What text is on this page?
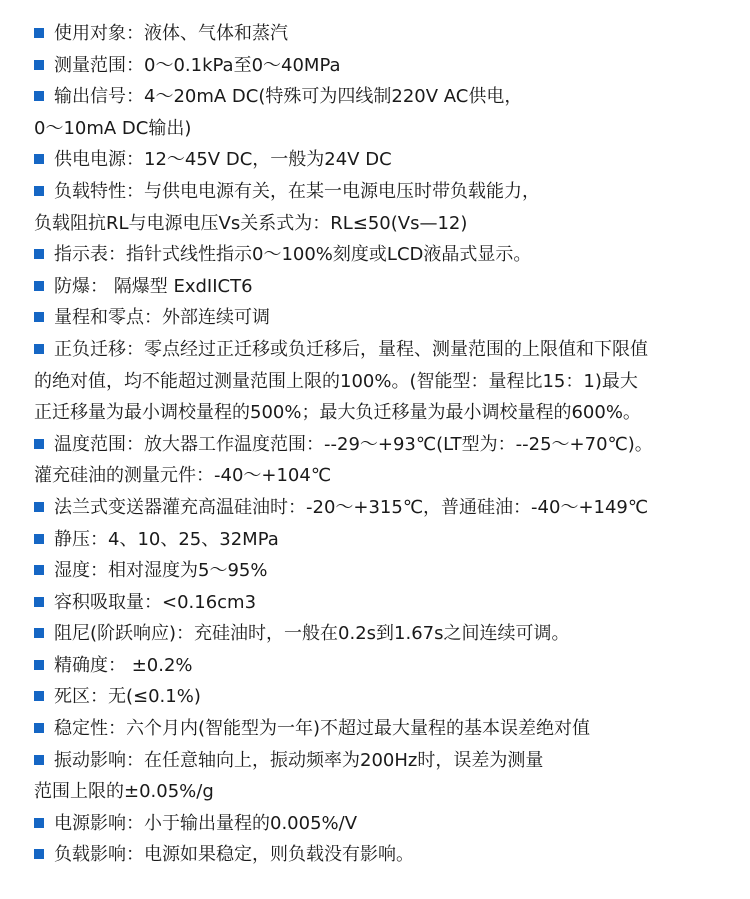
使用对象：液体、气体和蒸汽
测量范围：0～0.1kPa至0～40MPa
输出信号：4～20mA DC(特殊可为四线制220V AC供电，
0～10mA DC输出)
供电电源：12～45V DC，一般为24V DC
负载特性：与供电电源有关，在某一电源电压时带负载能力，
负载阻抗RL与电源电压Vs关系式为：RL≤50(Vs—12)
指示表：指针式线性指示0～100%刻度或LCD液晶式显示。
防爆： 隔爆型 ExdIICT6
量程和零点：外部连续可调
正负迁移：零点经过正迁移或负迁移后，量程、测量范围的上限值和下限值
的绝对值，均不能超过测量范围上限的100%。(智能型：量程比15：1)最大
正迁移量为最小调校量程的500%；最大负迁移量为最小调校量程的600%。
温度范围：放大器工作温度范围：--29～+93℃(LT型为：--25～+70℃)。
灌充硅油的测量元件：-40～+104℃
法兰式变送器灌充高温硅油时：-20～+315℃，普通硅油：-40～+149℃
静压：4、10、25、32MPa
湿度：相对湿度为5～95%
容积吸取量：<0.16cm3
阻尼(阶跃响应)：充硅油时，一般在0.2s到1.67s之间连续可调。
精确度： ±0.2%
死区：无(≤0.1%)
稳定性：六个月内(智能型为一年)不超过最大量程的基本误差绝对值
振动影响：在任意轴向上，振动频率为200Hz时，误差为测量
范围上限的±0.05%/g
电源影响：小于输出量程的0.005%/V
负载影响：电源如果稳定，则负载没有影响。
